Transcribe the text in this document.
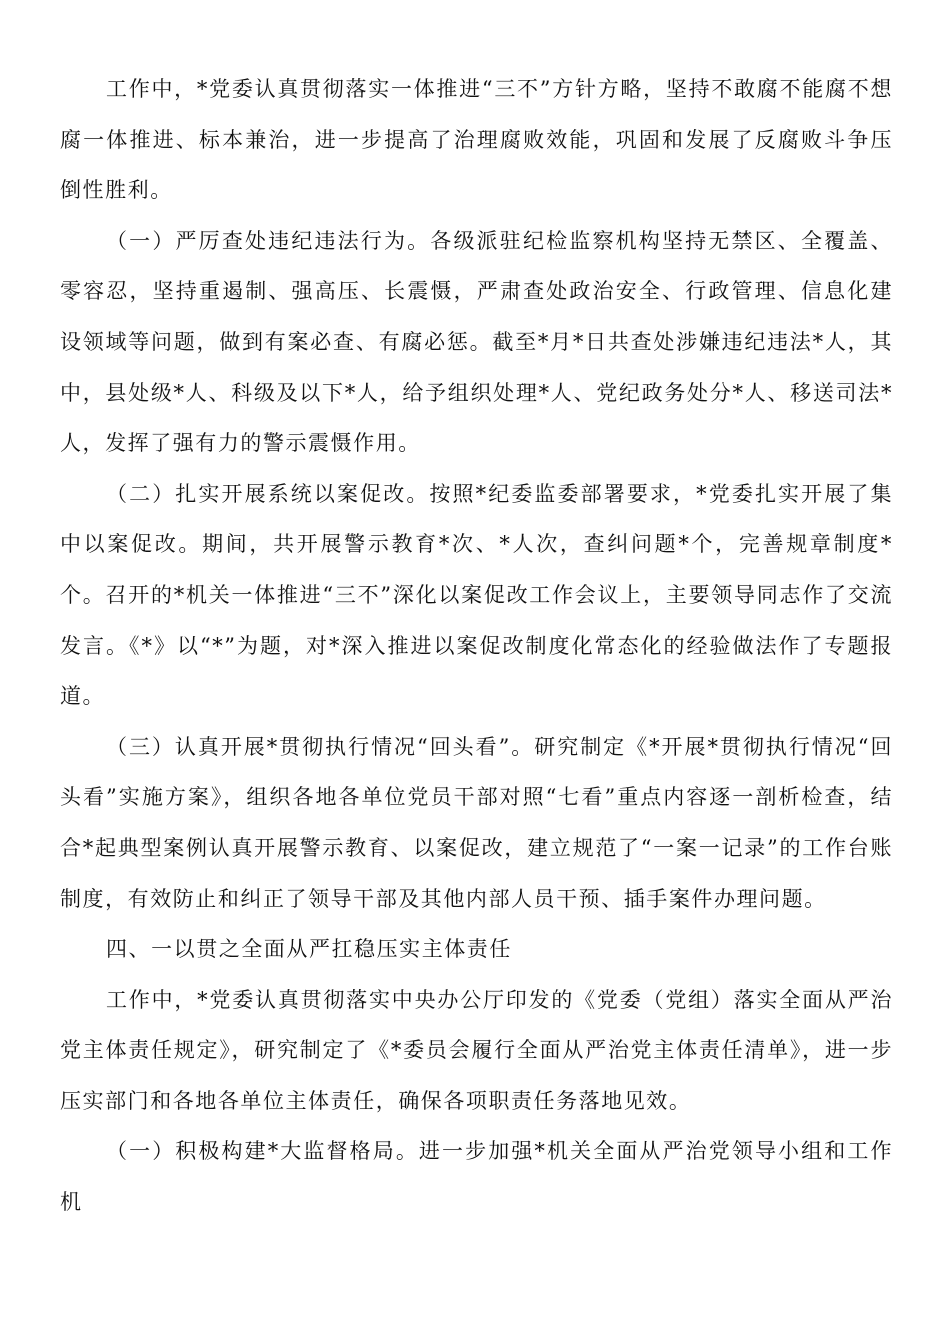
工作中，*党委认真贯彻落实一体推进“三不”方针方略，坚持不敢腐不能腐不想腐一体推进、标本兼治，进一步提高了治理腐败效能，巩固和发展了反腐败斗争压倒性胜利。

（一）严厉查处违纪违法行为。各级派驻纪检监察机构坚持无禁区、全覆盖、零容忍，坚持重遏制、强高压、长震慑，严肃查处政治安全、行政管理、信息化建设领域等问题，做到有案必查、有腐必惩。截至*月*日共查处涉嫌违纪违法*人，其中，县处级*人、科级及以下*人，给予组织处理*人、党纪政务处分*人、移送司法*人，发挥了强有力的警示震慑作用。

（二）扎实开展系统以案促改。按照*纪委监委部署要求，*党委扎实开展了集中以案促改。期间，共开展警示教育*次、*人次，查纠问题*个，完善规章制度*个。召开的*机关一体推进“三不”深化以案促改工作会议上，主要领导同志作了交流发言。《*》以“*”为题，对*深入推进以案促改制度化常态化的经验做法作了专题报道。

（三）认真开展*贯彻执行情况“回头看”。研究制定《*开展*贯彻执行情况“回头看”实施方案》，组织各地各单位党员干部对照“七看”重点内容逐一剖析检查，结合*起典型案例认真开展警示教育、以案促改，建立规范了“一案一记录”的工作台账制度，有效防止和纠正了领导干部及其他内部人员干预、插手案件办理问题。

四、一以贯之全面从严扛稳压实主体责任

工作中，*党委认真贯彻落实中央办公厅印发的《党委（党组）落实全面从严治党主体责任规定》，研究制定了《*委员会履行全面从严治党主体责任清单》，进一步压实部门和各地各单位主体责任，确保各项职责任务落地见效。

（一）积极构建*大监督格局。进一步加强*机关全面从严治党领导小组和工作机
